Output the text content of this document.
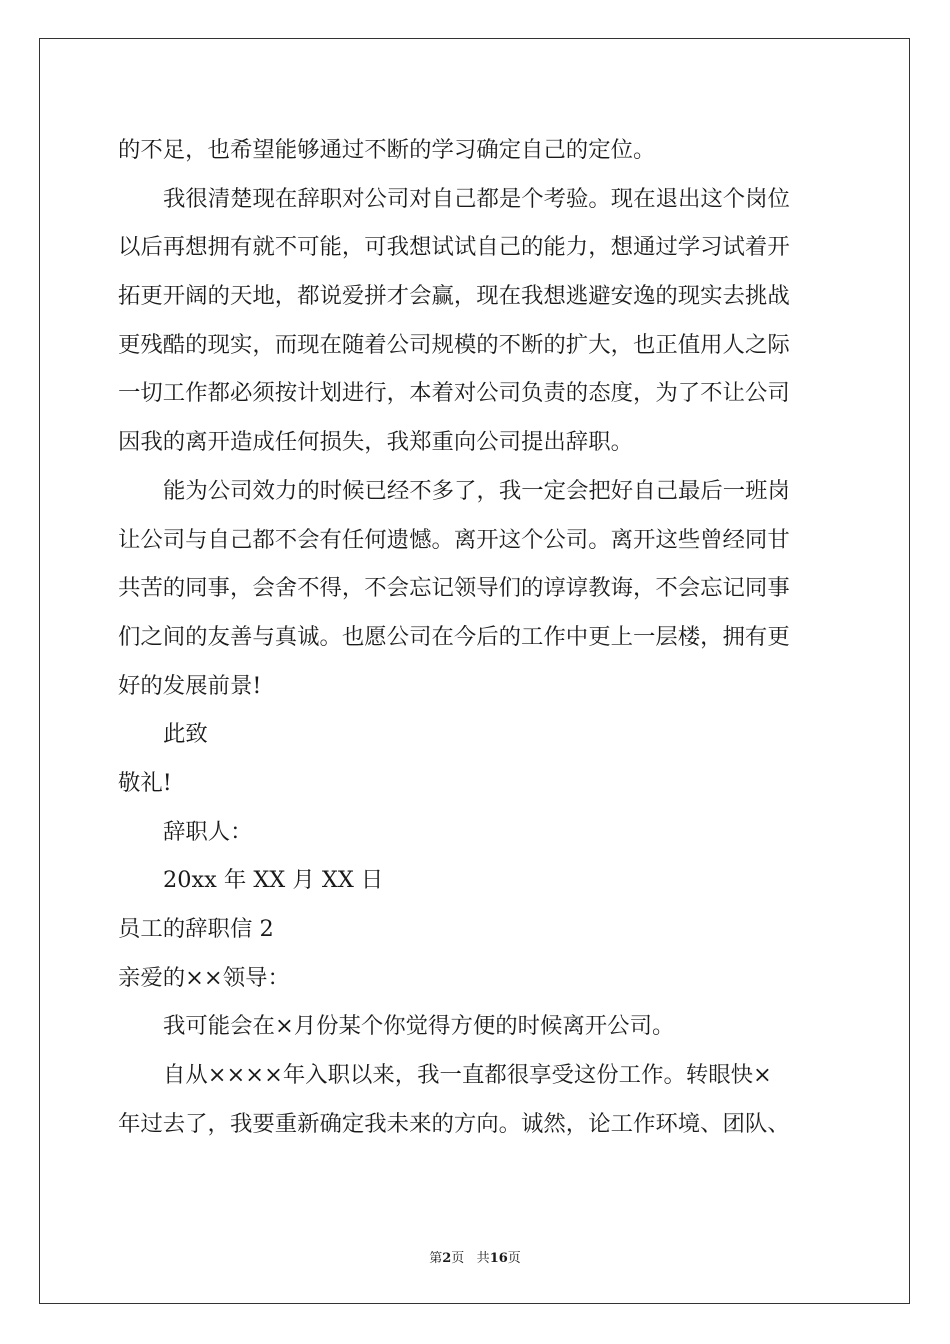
的不足，也希望能够通过不断的学习确定自己的定位。
我很清楚现在辞职对公司对自己都是个考验。现在退出这个岗位
以后再想拥有就不可能，可我想试试自己的能力，想通过学习试着开
拓更开阔的天地，都说爱拼才会赢，现在我想逃避安逸的现实去挑战
更残酷的现实，而现在随着公司规模的不断的扩大，也正值用人之际
一切工作都必须按计划进行，本着对公司负责的态度，为了不让公司
因我的离开造成任何损失，我郑重向公司提出辞职。
能为公司效力的时候已经不多了，我一定会把好自己最后一班岗
让公司与自己都不会有任何遗憾。离开这个公司。离开这些曾经同甘
共苦的同事，会舍不得，不会忘记领导们的谆谆教诲，不会忘记同事
们之间的友善与真诚。也愿公司在今后的工作中更上一层楼，拥有更
好的发展前景!
此致
敬礼!
辞职人：
20xx 年 XX 月 XX 日
员工的辞职信 2
亲爱的××领导：
我可能会在×月份某个你觉得方便的时候离开公司。
自从××××年入职以来，我一直都很享受这份工作。转眼快×
年过去了，我要重新确定我未来的方向。诚然，论工作环境、团队、
第2页 共16页
